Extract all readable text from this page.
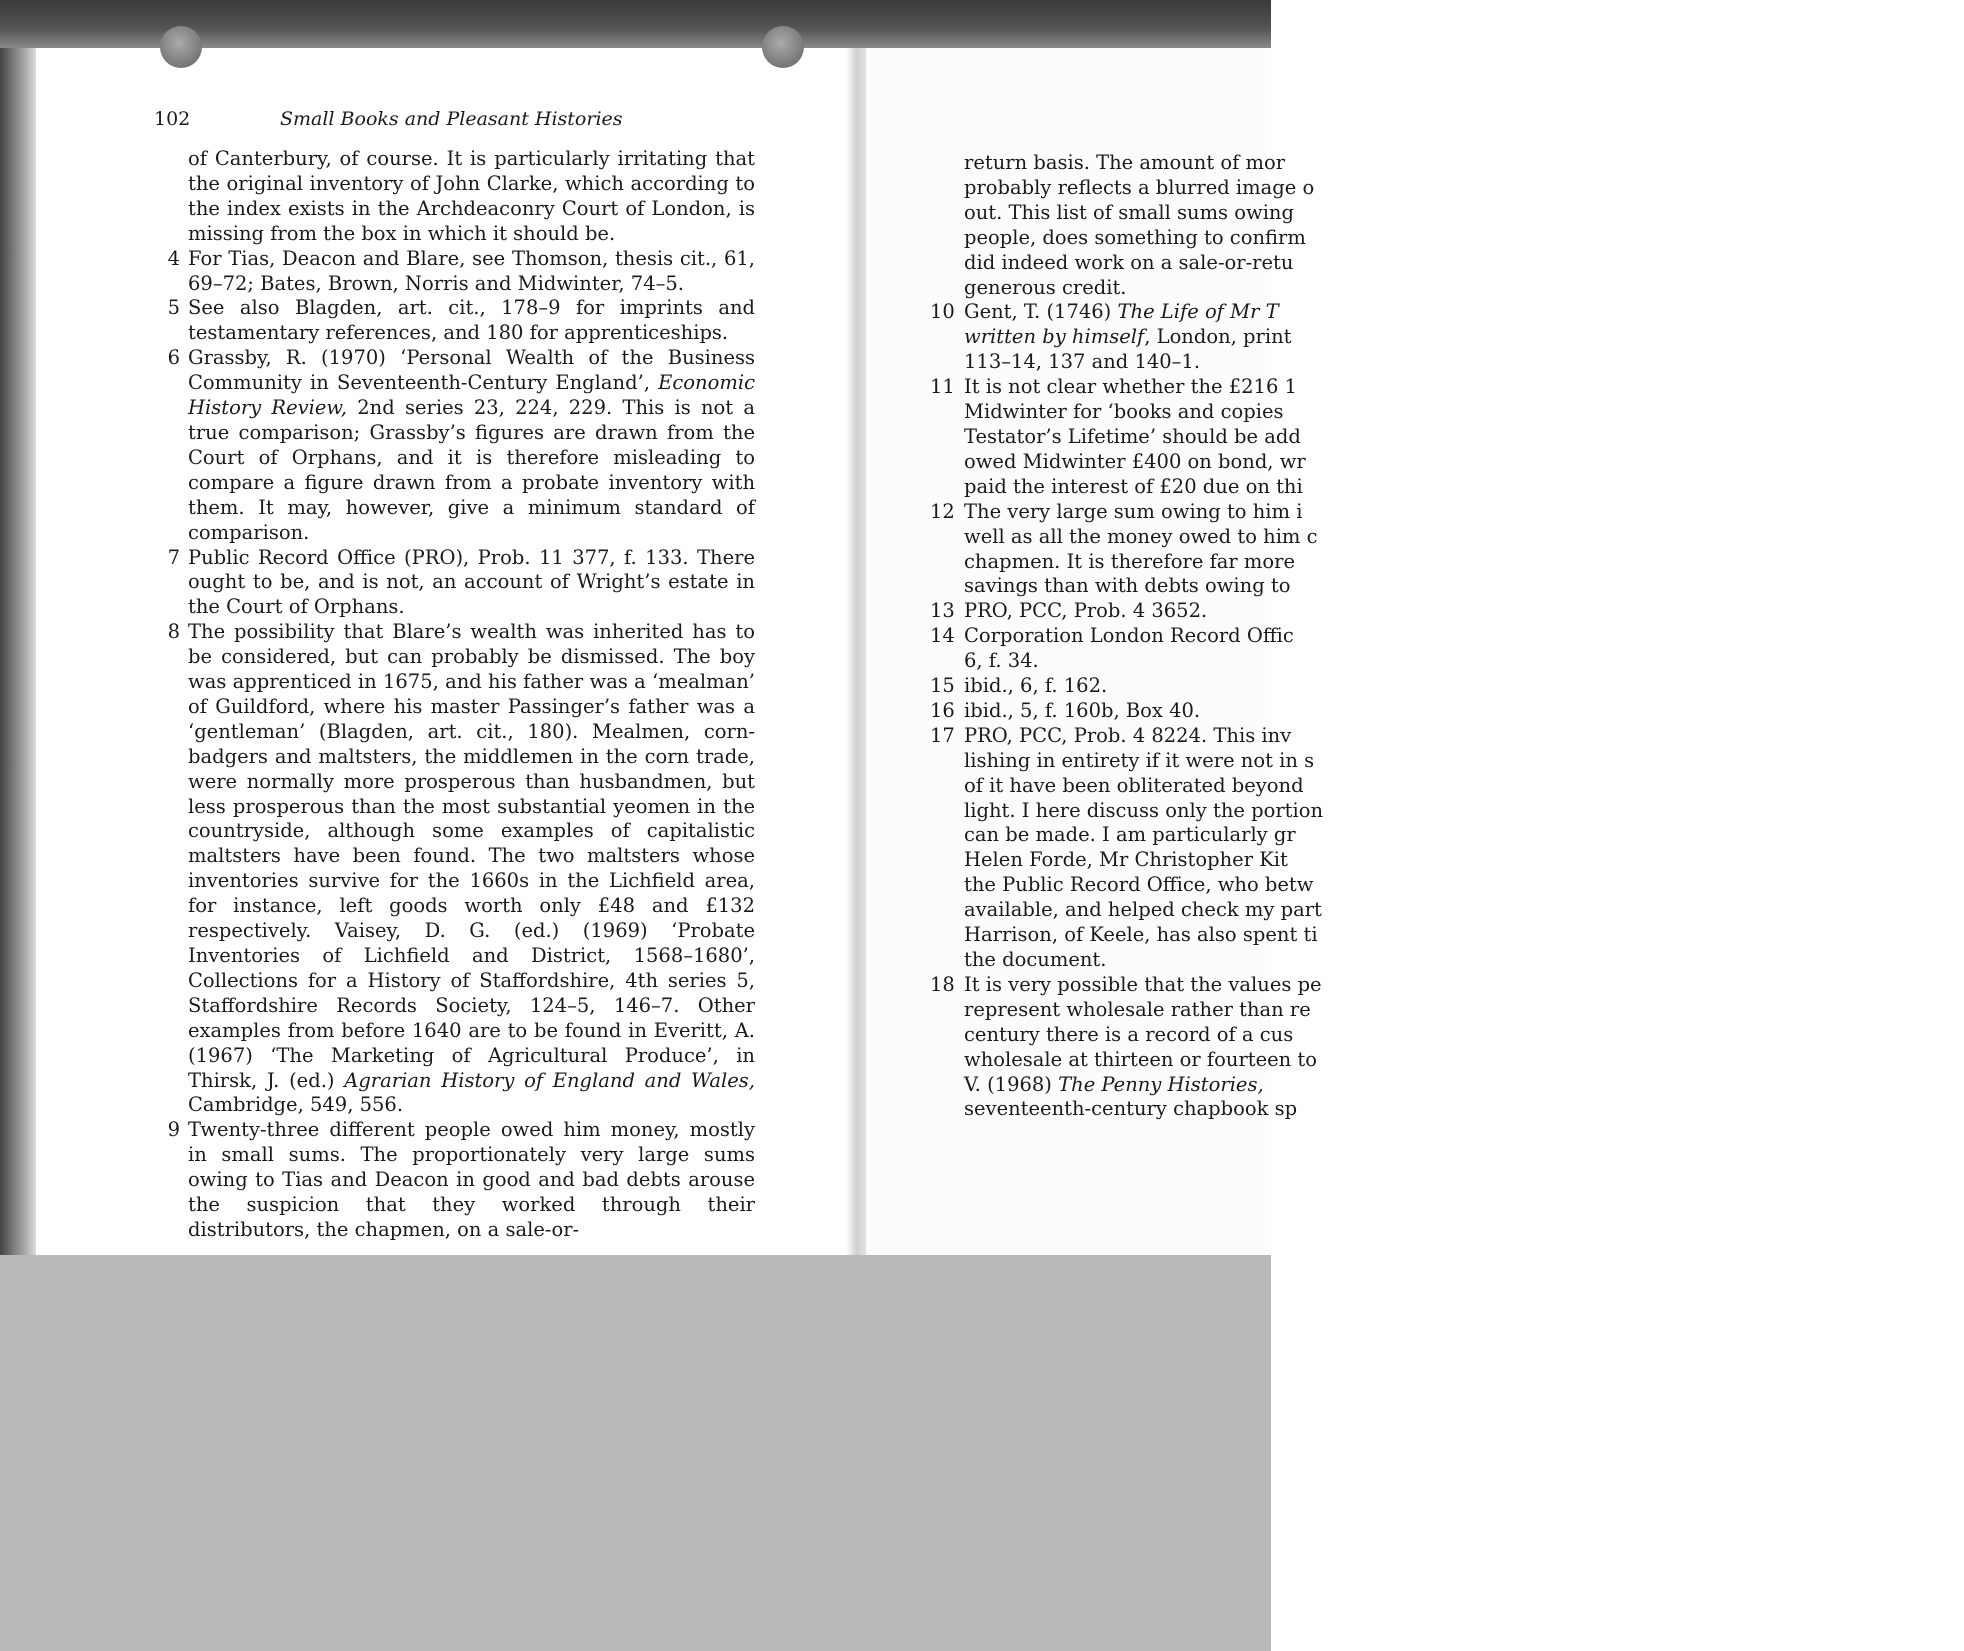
102	Small Books and Pleasant Histories
of Canterbury, of course. It is particularly irritating that the original inventory of John Clarke, which according to the index exists in the Archdeaconry Court of London, is missing from the box in which it should be.
4 For Tias, Deacon and Blare, see Thomson, thesis cit., 61, 69–72; Bates, Brown, Norris and Midwinter, 74–5.
5 See also Blagden, art. cit., 178–9 for imprints and testamentary references, and 180 for apprenticeships.
6 Grassby, R. (1970) ‘Personal Wealth of the Business Community in Seventeenth-Century England’, Economic History Review, 2nd series 23, 224, 229. This is not a true comparison; Grassby’s figures are drawn from the Court of Orphans, and it is therefore misleading to compare a figure drawn from a probate inventory with them. It may, however, give a minimum standard of comparison.
7 Public Record Office (PRO), Prob. 11 377, f. 133. There ought to be, and is not, an account of Wright’s estate in the Court of Orphans.
8 The possibility that Blare’s wealth was inherited has to be considered, but can probably be dismissed. The boy was apprenticed in 1675, and his father was a ‘mealman’ of Guildford, where his master Passinger’s father was a ‘gentleman’ (Blagden, art. cit., 180). Mealmen, corn-badgers and maltsters, the middlemen in the corn trade, were normally more prosperous than husbandmen, but less prosperous than the most substantial yeomen in the countryside, although some examples of capitalistic maltsters have been found. The two maltsters whose inventories survive for the 1660s in the Lichfield area, for instance, left goods worth only £48 and £132 respectively. Vaisey, D. G. (ed.) (1969) ‘Probate Inventories of Lichfield and District, 1568–1680’, Collections for a History of Staffordshire, 4th series 5, Staffordshire Records Society, 124–5, 146–7. Other examples from before 1640 are to be found in Everitt, A. (1967) ‘The Marketing of Agricultural Produce’, in Thirsk, J. (ed.) Agrarian History of England and Wales, Cambridge, 549, 556.
9 Twenty-three different people owed him money, mostly in small sums. The proportionately very large sums owing to Tias and Deacon in good and bad debts arouse the suspicion that they worked through their distributors, the chapmen, on a sale-or-
return basis. The amount of mor
probably reflects a blurred image o
out. This list of small sums owing
people, does something to confirm
did indeed work on a sale-or-retu
generous credit.
10 Gent, T. (1746) The Life of Mr T
written by himself, London, print
113–14, 137 and 140–1.
11 It is not clear whether the £216 1
Midwinter for ‘books and copies
Testator’s Lifetime’ should be add
owed Midwinter £400 on bond, wr
paid the interest of £20 due on thi
12 The very large sum owing to him i
well as all the money owed to him c
chapmen. It is therefore far more
savings than with debts owing to
13 PRO, PCC, Prob. 4 3652.
14 Corporation London Record Offic
6, f. 34.
15 ibid., 6, f. 162.
16 ibid., 5, f. 160b, Box 40.
17 PRO, PCC, Prob. 4 8224. This inv
lishing in entirety if it were not in s
of it have been obliterated beyond
light. I here discuss only the portion
can be made. I am particularly gr
Helen Forde, Mr Christopher Kit
the Public Record Office, who betw
available, and helped check my part
Harrison, of Keele, has also spent ti
the document.
18 It is very possible that the values pe
represent wholesale rather than re
century there is a record of a cus
wholesale at thirteen or fourteen to
V. (1968) The Penny Histories,
seventeenth-century chapbook sp
